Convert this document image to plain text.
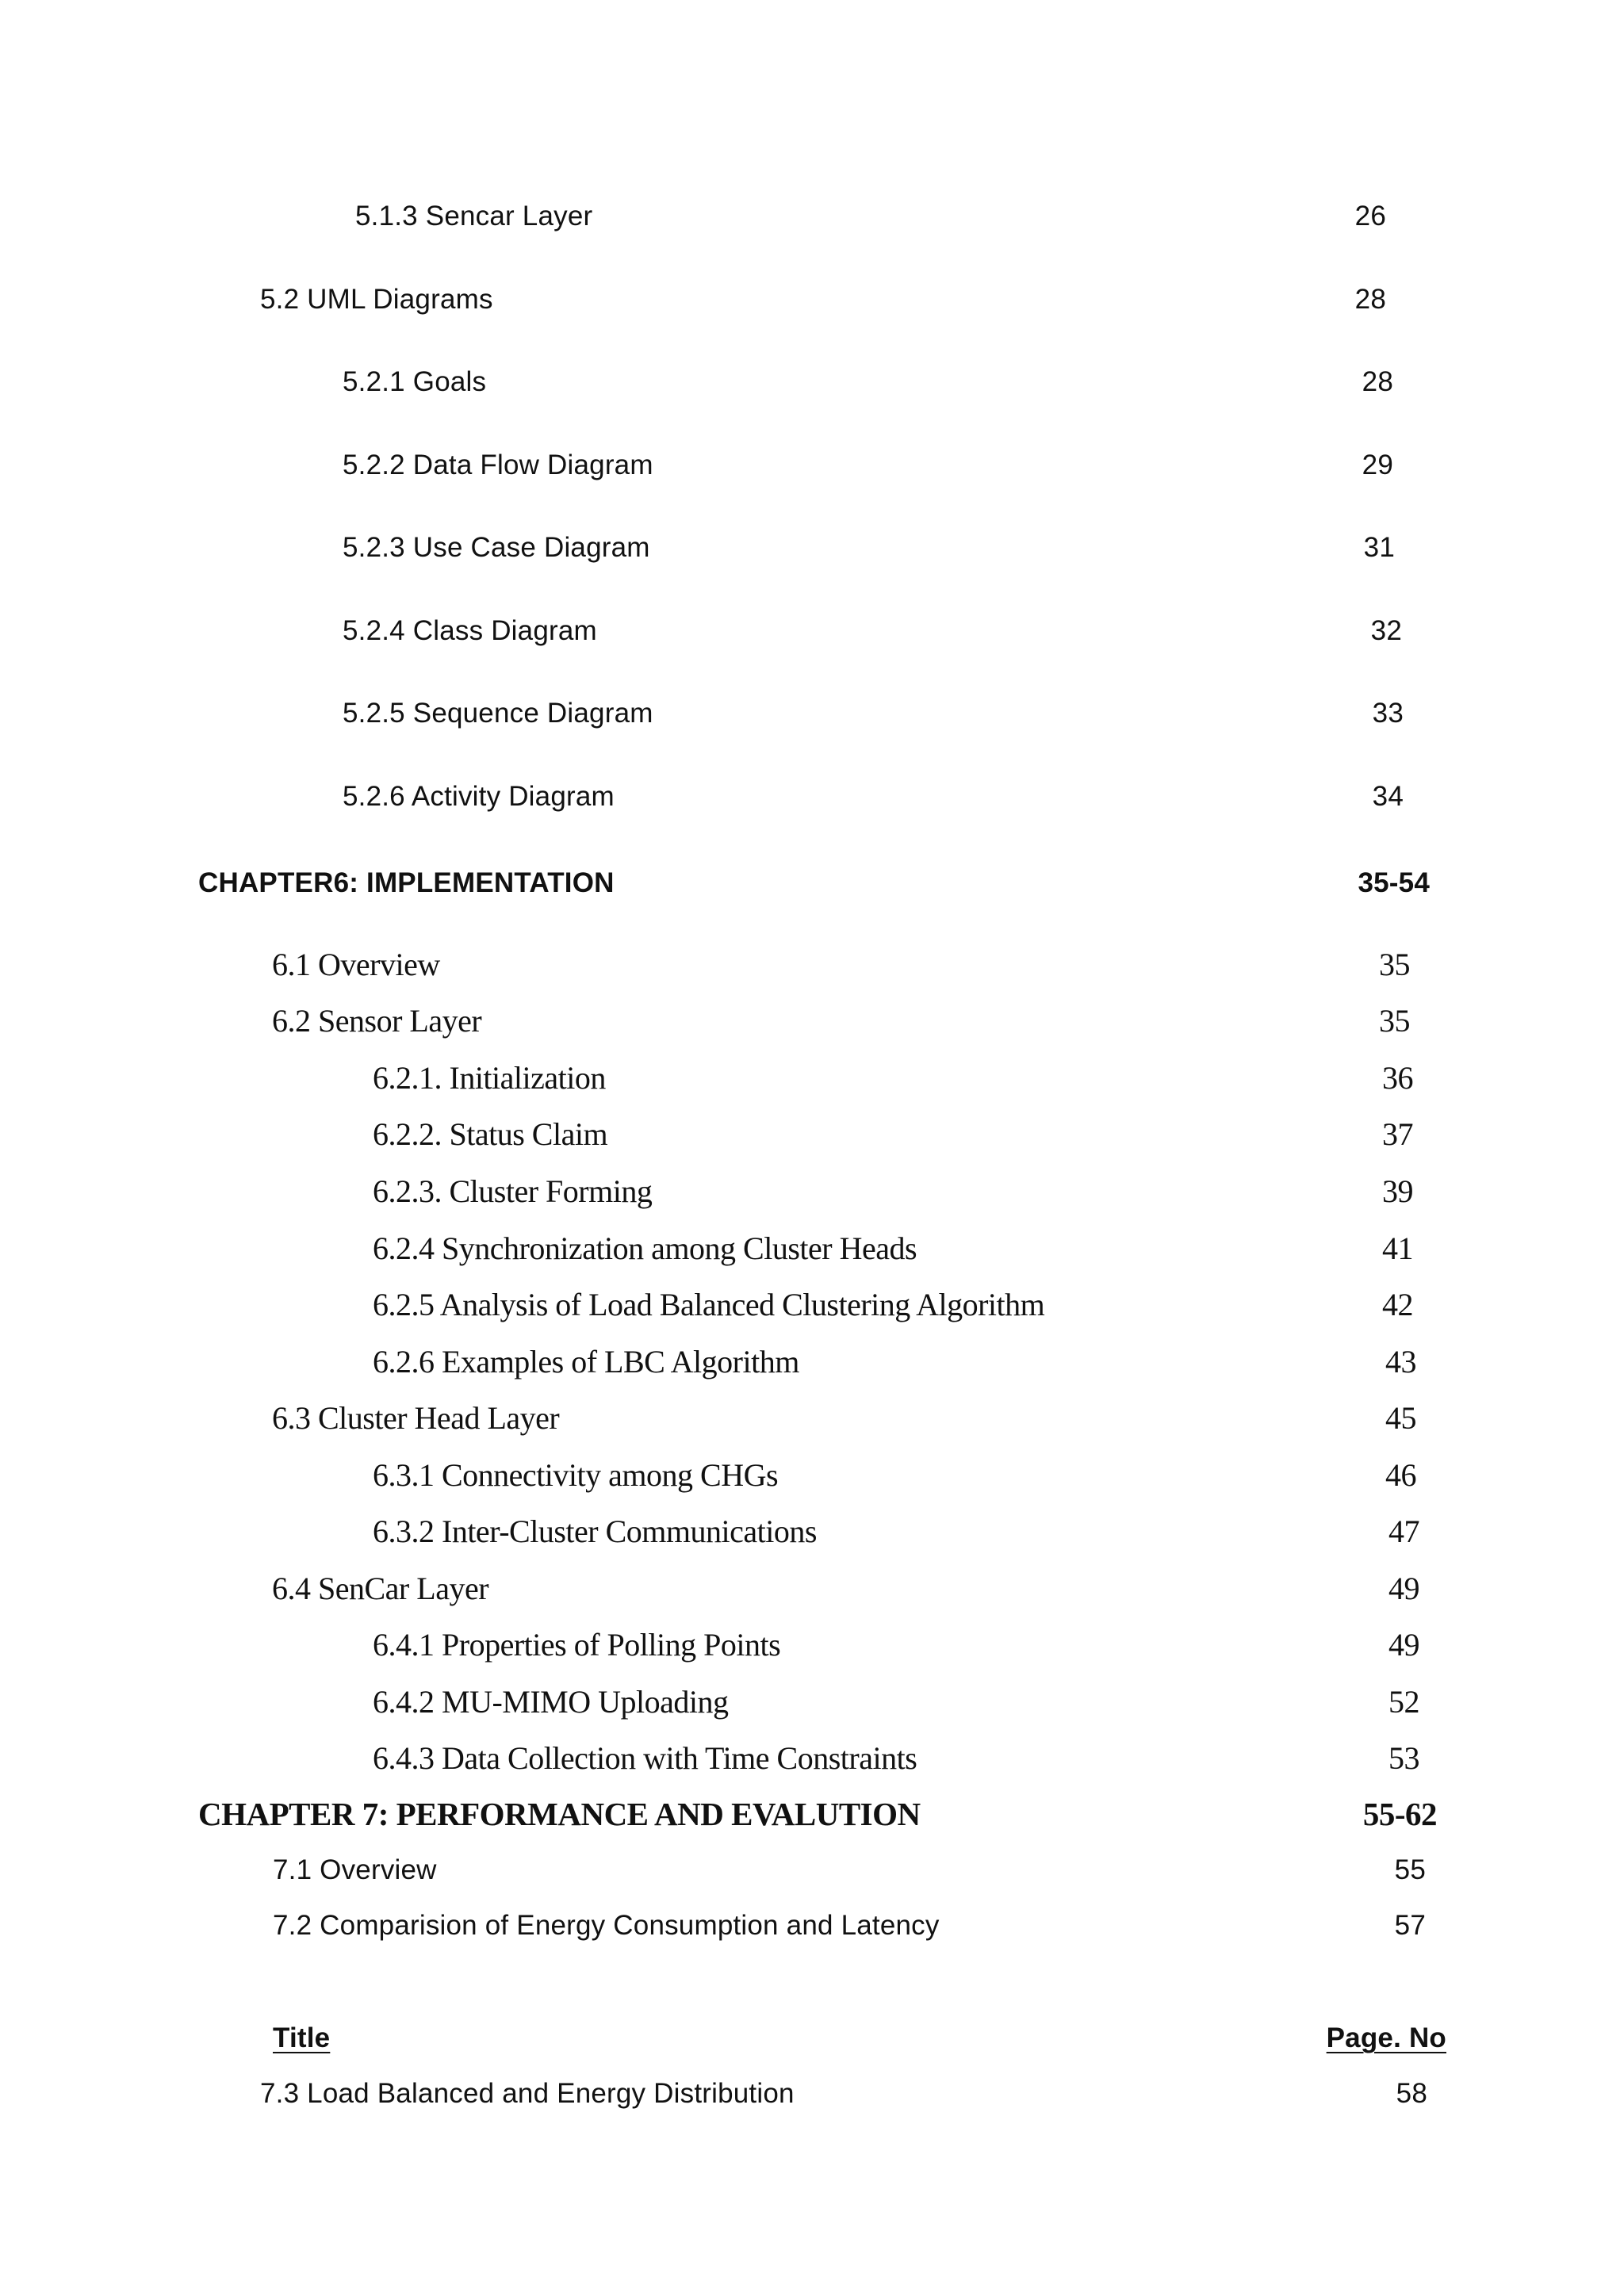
5.1.3 Sencar Layer	26
5.2 UML Diagrams	28
5.2.1 Goals	28
5.2.2 Data Flow Diagram	29
5.2.3 Use Case Diagram	31
5.2.4 Class Diagram	32
5.2.5 Sequence Diagram	33
5.2.6 Activity Diagram	34
CHAPTER6: IMPLEMENTATION	35-54
6.1 Overview	35
6.2 Sensor Layer	35
6.2.1. Initialization	36
6.2.2. Status Claim	37
6.2.3. Cluster Forming	39
6.2.4 Synchronization among Cluster Heads	41
6.2.5 Analysis of Load Balanced Clustering Algorithm	42
6.2.6 Examples of LBC Algorithm	43
6.3 Cluster Head Layer	45
6.3.1 Connectivity among CHGs	46
6.3.2 Inter-Cluster Communications	47
6.4 SenCar Layer	49
6.4.1 Properties of Polling Points	49
6.4.2 MU-MIMO Uploading	52
6.4.3 Data Collection with Time Constraints	53
CHAPTER 7: PERFORMANCE AND EVALUTION	55-62
7.1 Overview	55
7.2 Comparision of Energy Consumption and Latency	57
Title	Page. No
7.3 Load Balanced and Energy Distribution	58
